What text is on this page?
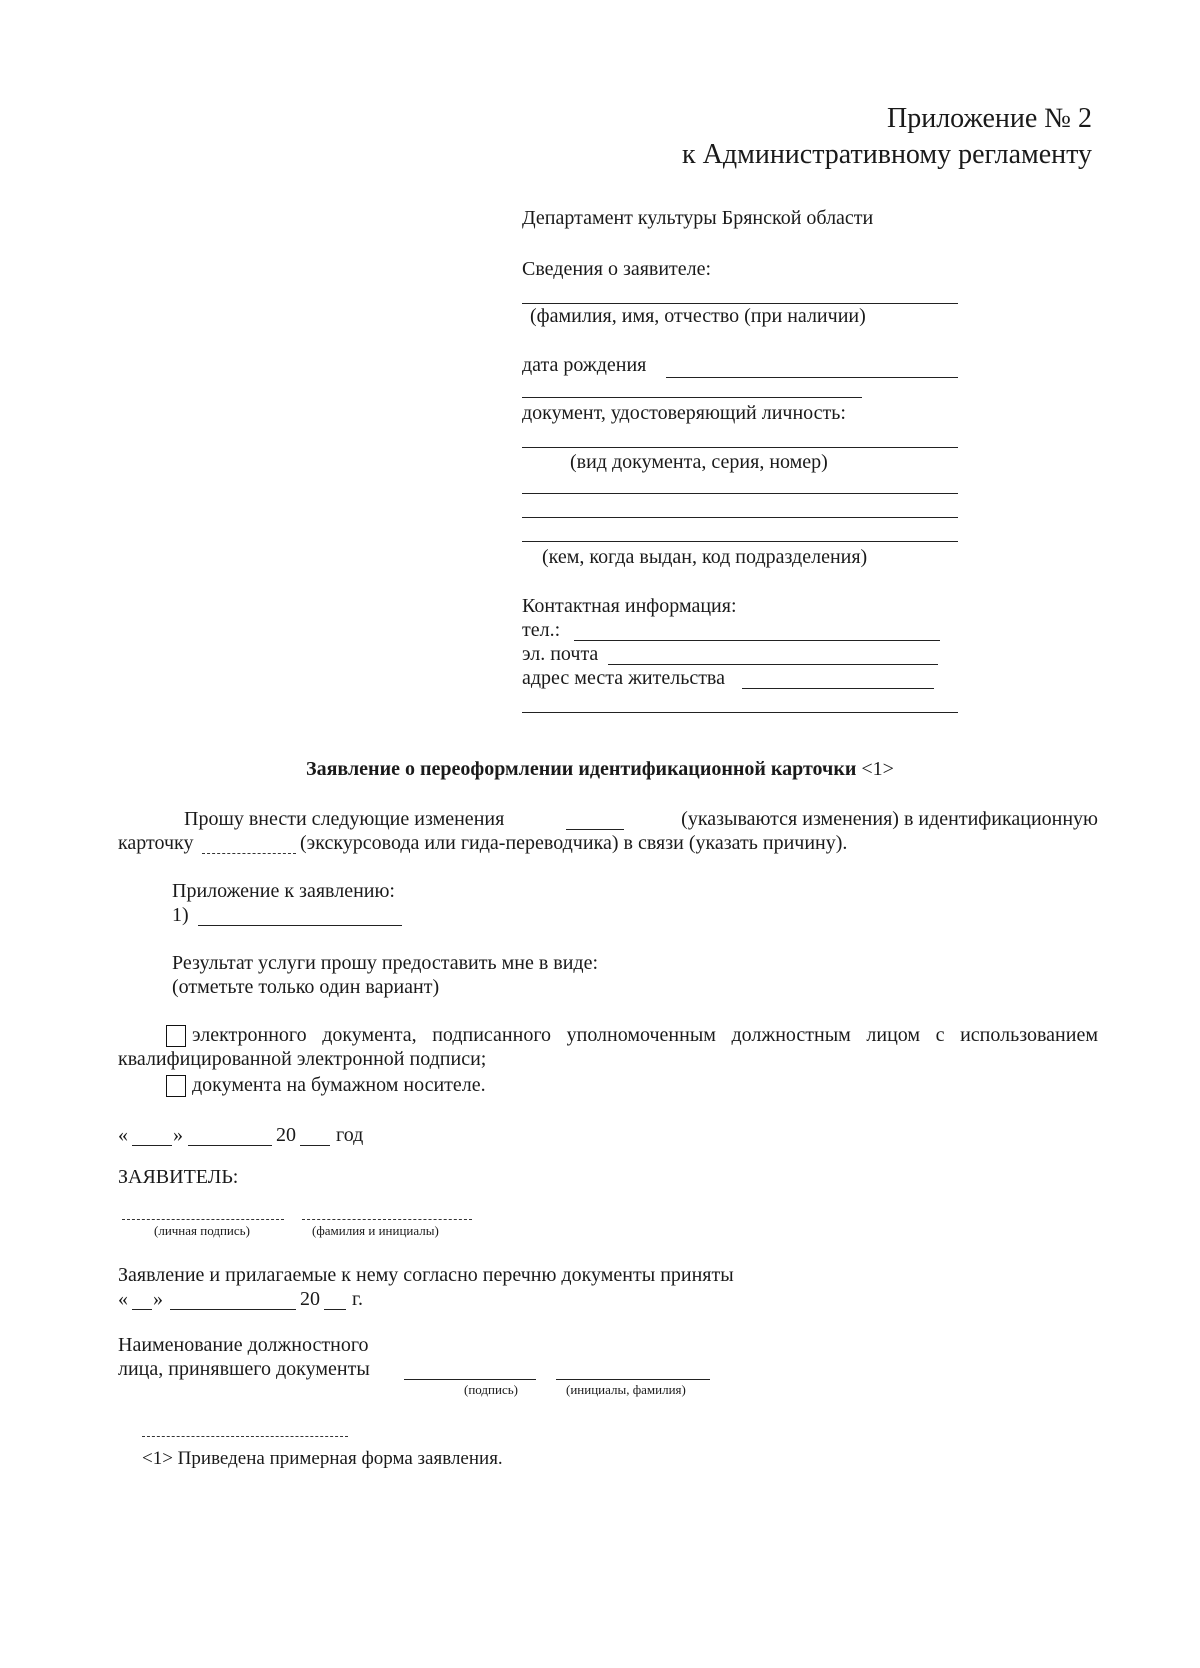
Приложение № 2
к Административному регламенту
Департамент культуры Брянской области
Сведения о заявителе:
(фамилия, имя, отчество (при наличии)
дата рождения
документ, удостоверяющий личность:
(вид документа, серия, номер)
(кем, когда выдан, код подразделения)
Контактная информация:
тел.:
эл. почта
адрес места жительства
Заявление о переоформлении идентификационной карточки <1>
Прошу внести следующие изменения	(указываются изменения) в идентификационную
карточку	(экскурсовода или гида-переводчика) в связи (указать причину).
Приложение к заявлению:
1)
Результат услуги прошу предоставить мне в виде:
(отметьте только один вариант)
электронного документа, подписанного уполномоченным должностным лицом с использованием
квалифицированной электронной подписи;
документа на бумажном носителе.
« »	20 год
ЗАЯВИТЕЛЬ:
(личная подпись)	(фамилия и инициалы)
Заявление и прилагаемые к нему согласно перечню документы приняты
« »	20 г.
Наименование должностного
лица, принявшего документы
(подпись)	(инициалы, фамилия)
<1> Приведена примерная форма заявления.
